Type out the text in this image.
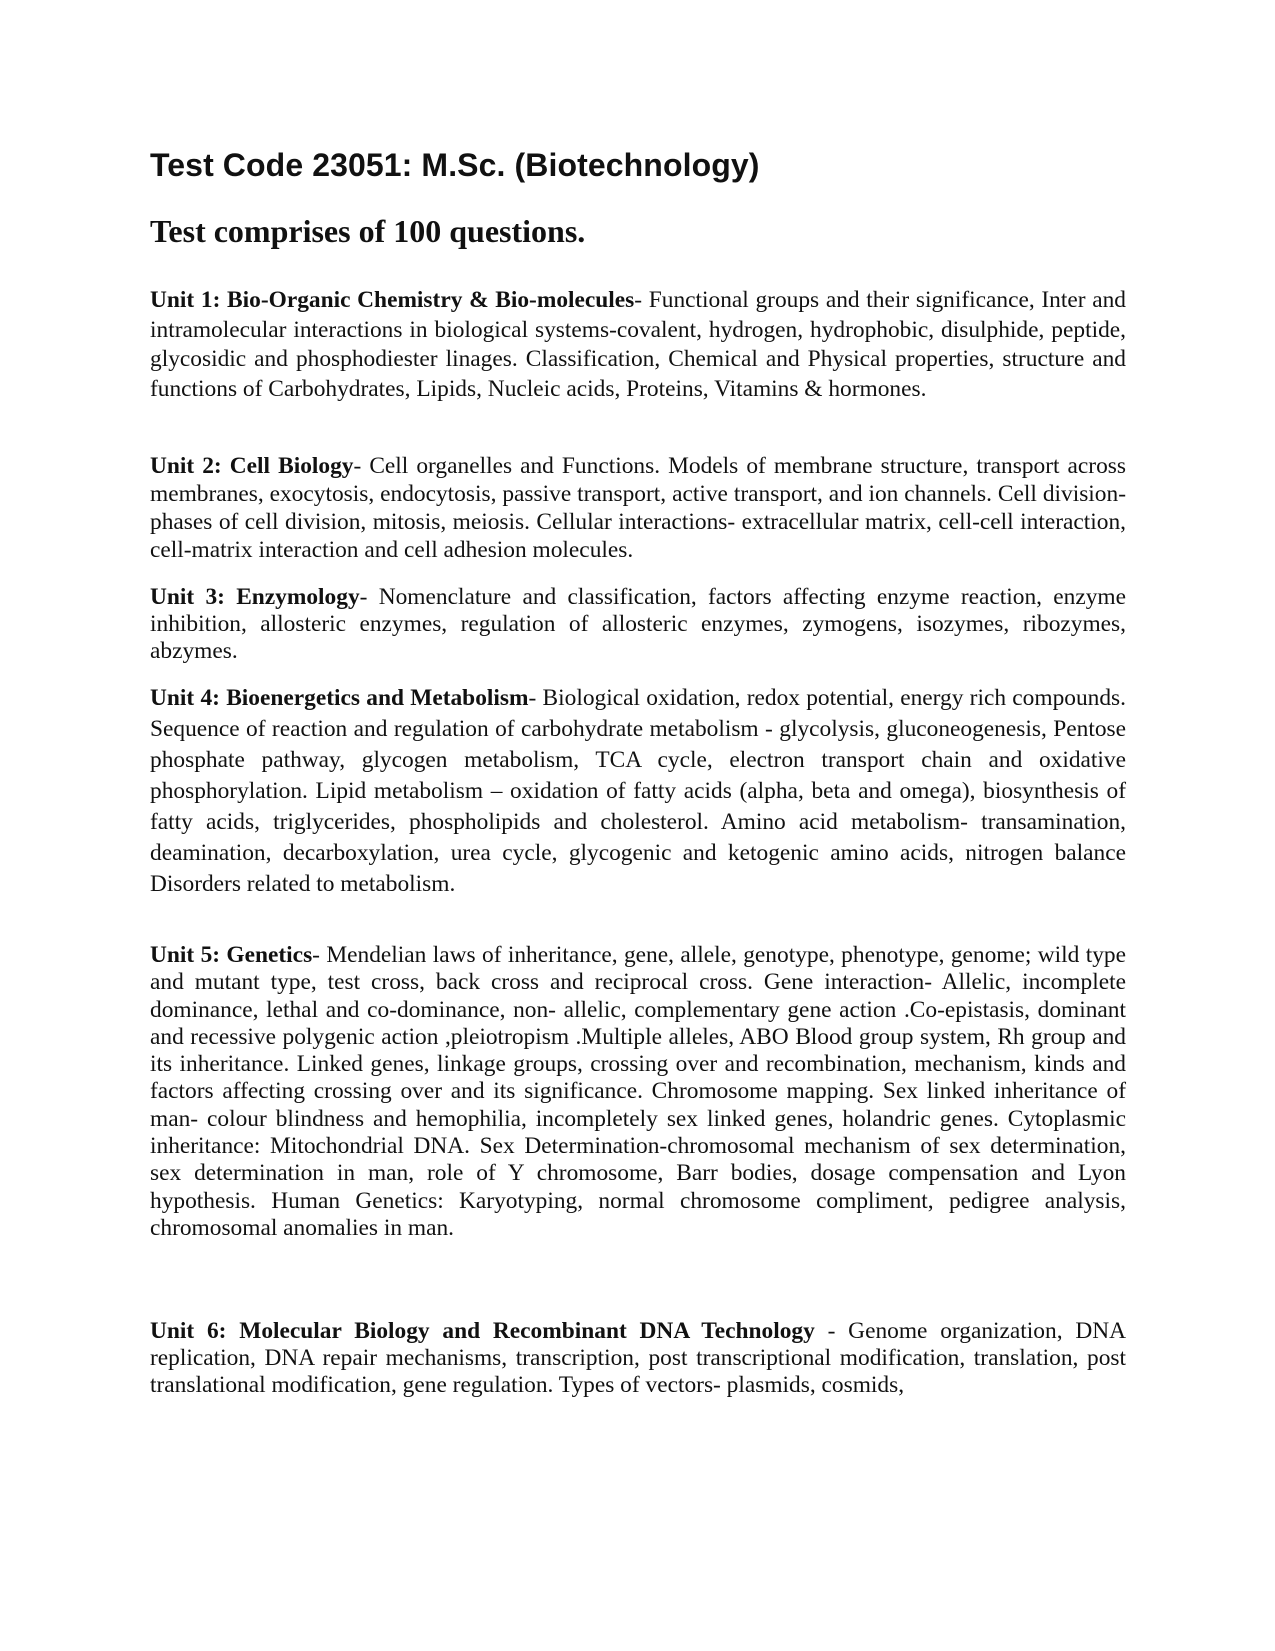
Test Code 23051: M.Sc. (Biotechnology)
Test comprises of 100 questions.

Unit 1: Bio-Organic Chemistry & Bio-molecules- Functional groups and their significance, Inter and intramolecular interactions in biological systems-covalent, hydrogen, hydrophobic, disulphide, peptide, glycosidic and phosphodiester linages. Classification, Chemical and Physical properties, structure and functions of Carbohydrates, Lipids, Nucleic acids, Proteins, Vitamins & hormones.

Unit 2: Cell Biology- Cell organelles and Functions. Models of membrane structure, transport across membranes, exocytosis, endocytosis, passive transport, active transport, and ion channels. Cell division- phases of cell division, mitosis, meiosis. Cellular interactions- extracellular matrix, cell-cell interaction, cell-matrix interaction and cell adhesion molecules.

Unit 3: Enzymology- Nomenclature and classification, factors affecting enzyme reaction, enzyme inhibition, allosteric enzymes, regulation of allosteric enzymes, zymogens, isozymes, ribozymes, abzymes.

Unit 4: Bioenergetics and Metabolism- Biological oxidation, redox potential, energy rich compounds. Sequence of reaction and regulation of carbohydrate metabolism - glycolysis, gluconeogenesis, Pentose phosphate pathway, glycogen metabolism, TCA cycle, electron transport chain and oxidative phosphorylation. Lipid metabolism – oxidation of fatty acids (alpha, beta and omega), biosynthesis of fatty acids, triglycerides, phospholipids and cholesterol. Amino acid metabolism- transamination, deamination, decarboxylation, urea cycle, glycogenic and ketogenic amino acids, nitrogen balance Disorders related to metabolism.

Unit 5: Genetics- Mendelian laws of inheritance, gene, allele, genotype, phenotype, genome; wild type and mutant type, test cross, back cross and reciprocal cross. Gene interaction- Allelic, incomplete dominance, lethal and co-dominance, non- allelic, complementary gene action .Co-epistasis, dominant and recessive polygenic action ,pleiotropism .Multiple alleles, ABO Blood group system, Rh group and its inheritance. Linked genes, linkage groups, crossing over and recombination, mechanism, kinds and factors affecting crossing over and its significance. Chromosome mapping. Sex linked inheritance of man- colour blindness and hemophilia, incompletely sex linked genes, holandric genes. Cytoplasmic inheritance: Mitochondrial DNA. Sex Determination-chromosomal mechanism of sex determination, sex determination in man, role of Y chromosome, Barr bodies, dosage compensation and Lyon hypothesis. Human Genetics: Karyotyping, normal chromosome compliment, pedigree analysis, chromosomal anomalies in man.

Unit 6: Molecular Biology and Recombinant DNA Technology - Genome organization, DNA replication, DNA repair mechanisms, transcription, post transcriptional modification, translation, post translational modification, gene regulation. Types of vectors- plasmids, cosmids,
